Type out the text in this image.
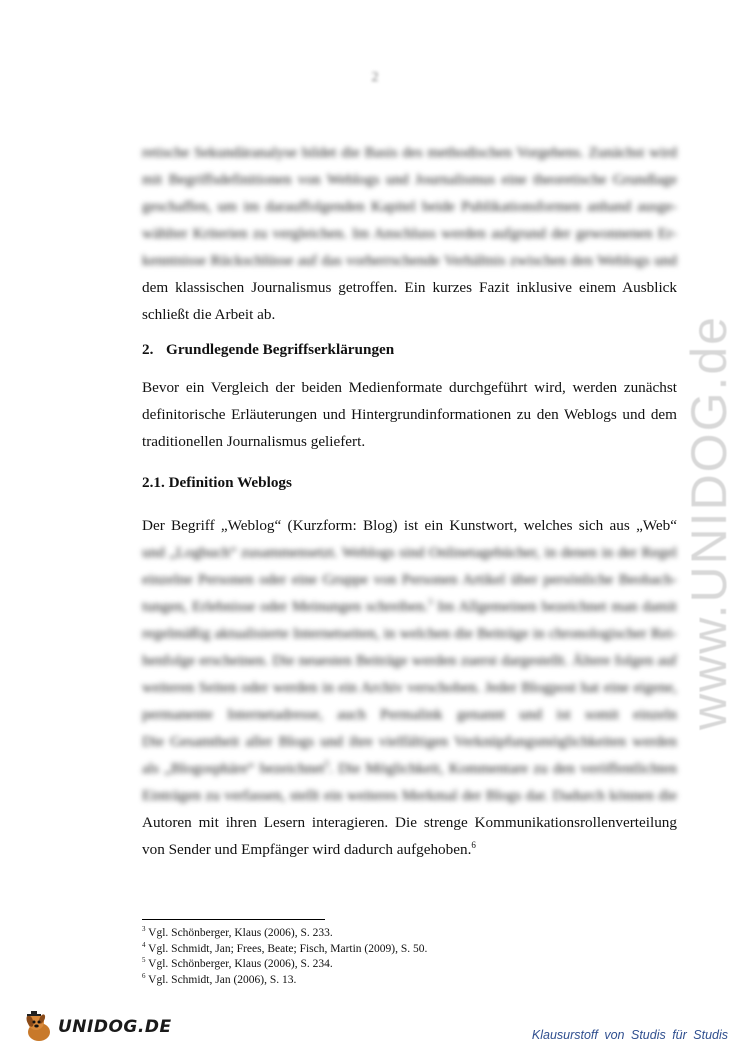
2
retische Sekundäranalyse bildet die Basis des methodischen Vorgehens. Zunächst wird
mit Begriffsdefinitionen von Weblogs und Journalismus eine theoretische Grundlage
geschaffen, um im darauffolgenden Kapitel beide Publikationsformen anhand ausge-
wählter Kriterien zu vergleichen. Im Anschluss werden aufgrund der gewonnenen Er-
kenntnisse Rückschlüsse auf das vorherrschende Verhältnis zwischen den Weblogs und
dem klassischen Journalismus getroffen. Ein kurzes Fazit inklusive einem Ausblick
schließt die Arbeit ab.
2. Grundlegende Begriffserklärungen
Bevor ein Vergleich der beiden Medienformate durchgeführt wird, werden zunächst
definitorische Erläuterungen und Hintergrundinformationen zu den Weblogs und dem
traditionellen Journalismus geliefert.
2.1. Definition Weblogs
Der Begriff „Weblog“ (Kurzform: Blog) ist ein Kunstwort, welches sich aus „Web“
und „Logbuch“ zusammensetzt. Weblogs sind Onlinetagebücher, in denen in der Regel
einzelne Personen oder eine Gruppe von Personen Artikel über persönliche Beobach-
tungen, Erlebnisse oder Meinungen schreiben.$^3$ Im Allgemeinen bezeichnet man damit
regelmäßig aktualisierte Internetseiten, in welchen die Beiträge in chronologischer Rei-
henfolge erscheinen. Die neuesten Beiträge werden zuerst dargestellt. Ältere folgen auf
weiteren Seiten oder werden in ein Archiv verschoben. Jeder Blogpost hat eine eigene,
permanente Internetadresse, auch Permalink genannt und ist somit einzeln
Die Gesamtheit aller Blogs und ihre vielfältigen Verknüpfungsmöglichkeiten werden
als „Blogosphäre“ bezeichnet$^5$. Die Möglichkeit, Kommentare zu den veröffentlichten
Einträgen zu verfassen, stellt ein weiteres Merkmal der Blogs dar. Dadurch können die
Autoren mit ihren Lesern interagieren. Die strenge Kommunikationsrollenverteilung
von Sender und Empfänger wird dadurch aufgehoben.$^6$
$^3$ Vgl. Schönberger, Klaus (2006), S. 233.
$^4$ Vgl. Schmidt, Jan; Frees, Beate; Fisch, Martin (2009), S. 50.
$^5$ Vgl. Schönberger, Klaus (2006), S. 234.
$^6$ Vgl. Schmidt, Jan (2006), S. 13.
www.UNIDOG.de
UNIDOG.DE	Klausurstoff von Studis für Studis
